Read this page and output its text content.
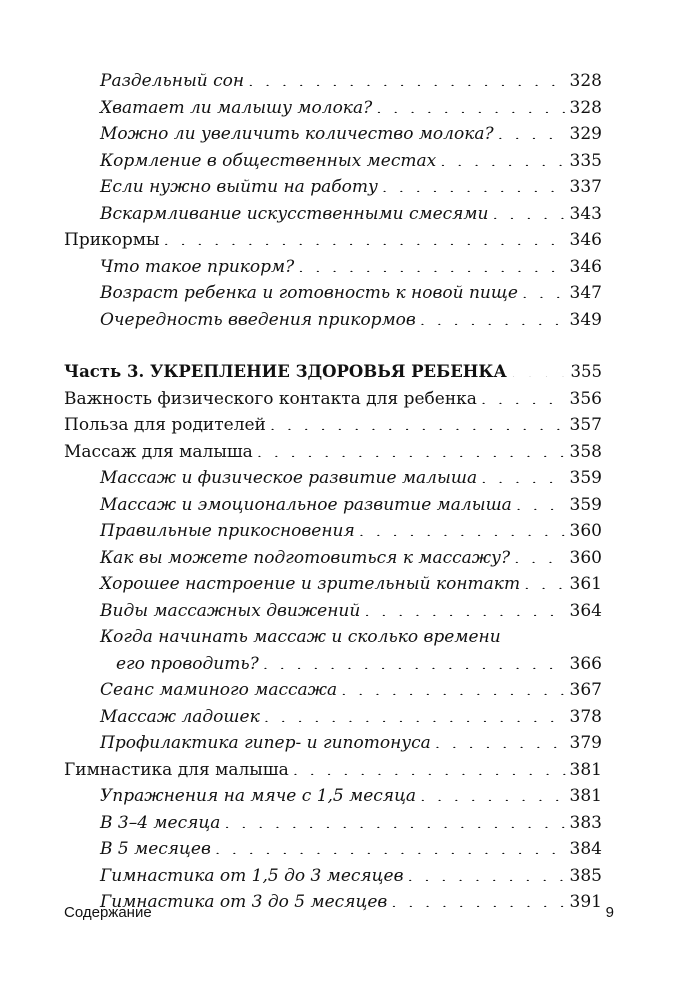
Раздельный сон . . .	328
Хватает ли малышу молока? . . .	328
Можно ли увеличить количество молока? . . .	329
Кормление в общественных местах . . .	335
Если нужно выйти на работу . . .	337
Вскармливание искусственными смесями . . .	343
Прикормы . . .	346
Что такое прикорм? . . .	346
Возраст ребенка и готовность к новой пище . . .	347
Очередность введения прикормов . . .	349
Часть 3. УКРЕПЛЕНИЕ ЗДОРОВЬЯ РЕБЕНКА . . .	355
Важность физического контакта для ребенка . . .	356
Польза для родителей . . .	357
Массаж для малыша . . .	358
Массаж и физическое развитие малыша . . .	359
Массаж и эмоциональное развитие малыша . . .	359
Правильные прикосновения . . .	360
Как вы можете подготовиться к массажу? . . .	360
Хорошее настроение и зрительный контакт . . .	361
Виды массажных движений . . .	364
Когда начинать массаж и сколько времени
его проводить? . . .	366
Сеанс маминого массажа . . .	367
Массаж ладошек . . .	378
Профилактика гипер- и гипотонуса . . .	379
Гимнастика для малыша . . .	381
Упражнения на мяче с 1,5 месяца . . .	381
В 3–4 месяца . . .	383
В 5 месяцев . . .	384
Гимнастика от 1,5 до 3 месяцев . . .	385
Гимнастика от 3 до 5 месяцев . . .	391
Содержание	9
